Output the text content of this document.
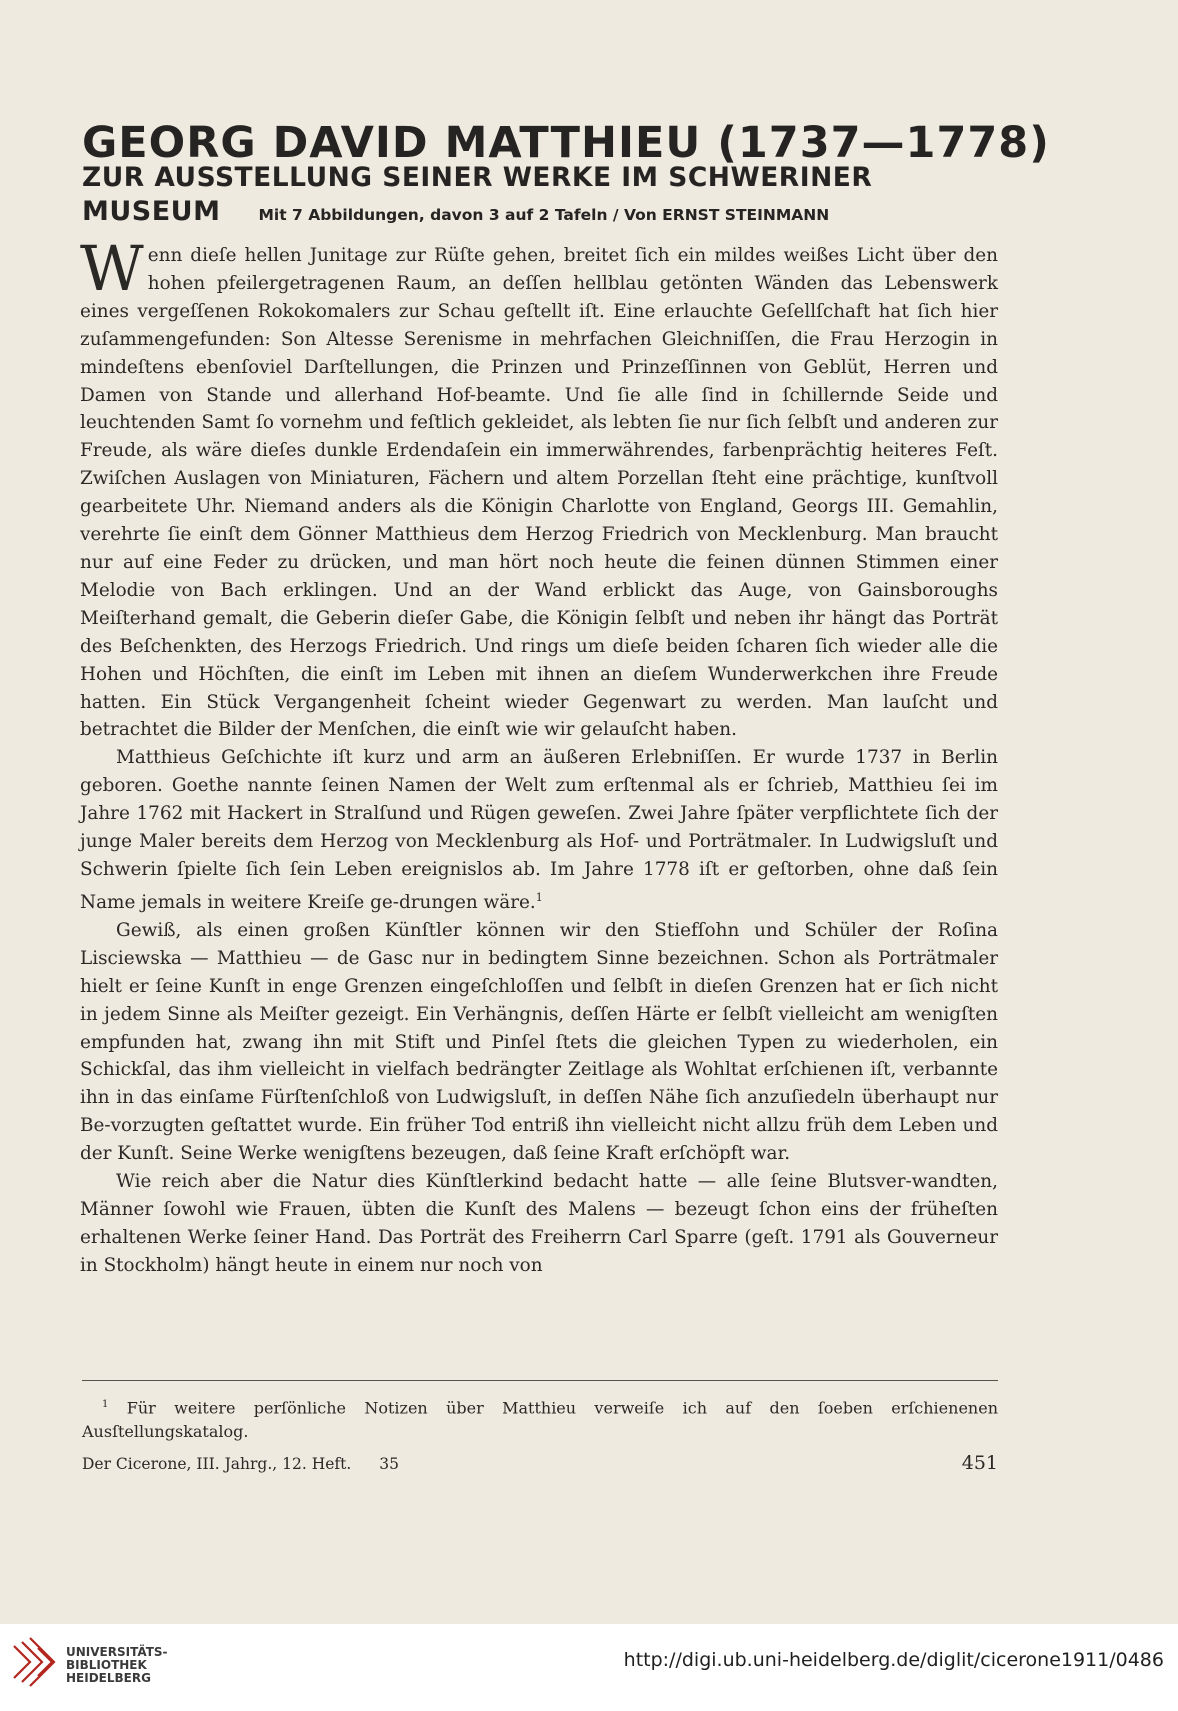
GEORG DAVID MATTHIEU (1737—1778)
ZUR AUSSTELLUNG SEINER WERKE IM SCHWERINER
MUSEUM Mit 7 Abbildungen, davon 3 auf 2 Tafeln / Von ERNST STEINMANN

Wenn dieſe hellen Junitage zur Rüſte gehen, breitet ſich ein mildes weißes Licht über den hohen pfeilergetragenen Raum, an deſſen hellblau getönten Wänden das Lebenswerk eines vergeſſenen Rokokomalers zur Schau geſtellt iſt. Eine erlauchte Geſellſchaft hat ſich hier zuſammengefunden: Son Altesse Serenisme in mehrfachen Gleichniſſen, die Frau Herzogin in mindeſtens ebenſoviel Darſtellungen, die Prinzen und Prinzeſſinnen von Geblüt, Herren und Damen von Stande und allerhand Hof-beamte. Und ſie alle ſind in ſchillernde Seide und leuchtenden Samt ſo vornehm und feſtlich gekleidet, als lebten ſie nur ſich ſelbſt und anderen zur Freude, als wäre dieſes dunkle Erdendaſein ein immerwährendes, farbenprächtig heiteres Feſt. Zwiſchen Auslagen von Miniaturen, Fächern und altem Porzellan ſteht eine prächtige, kunſtvoll gearbeitete Uhr. Niemand anders als die Königin Charlotte von England, Georgs III. Gemahlin, verehrte ſie einſt dem Gönner Matthieus dem Herzog Friedrich von Mecklenburg. Man braucht nur auf eine Feder zu drücken, und man hört noch heute die feinen dünnen Stimmen einer Melodie von Bach erklingen. Und an der Wand erblickt das Auge, von Gainsboroughs Meiſterhand gemalt, die Geberin dieſer Gabe, die Königin ſelbſt und neben ihr hängt das Porträt des Beſchenkten, des Herzogs Friedrich. Und rings um dieſe beiden ſcharen ſich wieder alle die Hohen und Höchſten, die einſt im Leben mit ihnen an dieſem Wunderwerkchen ihre Freude hatten. Ein Stück Vergangenheit ſcheint wieder Gegenwart zu werden. Man lauſcht und betrachtet die Bilder der Menſchen, die einſt wie wir gelauſcht haben.

Matthieus Geſchichte iſt kurz und arm an äußeren Erlebniſſen. Er wurde 1737 in Berlin geboren. Goethe nannte ſeinen Namen der Welt zum erſtenmal als er ſchrieb, Matthieu ſei im Jahre 1762 mit Hackert in Stralſund und Rügen geweſen. Zwei Jahre ſpäter verpflichtete ſich der junge Maler bereits dem Herzog von Mecklenburg als Hof- und Porträtmaler. In Ludwigsluſt und Schwerin ſpielte ſich ſein Leben ereignislos ab. Im Jahre 1778 iſt er geſtorben, ohne daß ſein Name jemals in weitere Kreiſe ge-drungen wäre.$^1$

Gewiß, als einen großen Künſtler können wir den Stiefſohn und Schüler der Roſina Lisciewska — Matthieu — de Gasc nur in bedingtem Sinne bezeichnen. Schon als Porträtmaler hielt er ſeine Kunſt in enge Grenzen eingeſchloſſen und ſelbſt in dieſen Grenzen hat er ſich nicht in jedem Sinne als Meiſter gezeigt. Ein Verhängnis, deſſen Härte er ſelbſt vielleicht am wenigſten empfunden hat, zwang ihn mit Stift und Pinſel ſtets die gleichen Typen zu wiederholen, ein Schickſal, das ihm vielleicht in vielfach bedrängter Zeitlage als Wohltat erſchienen iſt, verbannte ihn in das einſame Fürſtenſchloß von Ludwigsluſt, in deſſen Nähe ſich anzuſiedeln überhaupt nur Be-vorzugten geſtattet wurde. Ein früher Tod entriß ihn vielleicht nicht allzu früh dem Leben und der Kunſt. Seine Werke wenigſtens bezeugen, daß ſeine Kraft erſchöpft war.

Wie reich aber die Natur dies Künſtlerkind bedacht hatte — alle ſeine Blutsver-wandten, Männer ſowohl wie Frauen, übten die Kunſt des Malens — bezeugt ſchon eins der früheſten erhaltenen Werke ſeiner Hand. Das Porträt des Freiherrn Carl Sparre (geſt. 1791 als Gouverneur in Stockholm) hängt heute in einem nur noch von

$^1$ Für weitere perſönliche Notizen über Matthieu verweiſe ich auf den ſoeben erſchienenen Ausſtellungskatalog.
Der Cicerone, III. Jahrg., 12. Heft. 35	451
UNIVERSITÄTS-
BIBLIOTHEK
HEIDELBERG
http://digi.ub.uni-heidelberg.de/diglit/cicerone1911/0486
